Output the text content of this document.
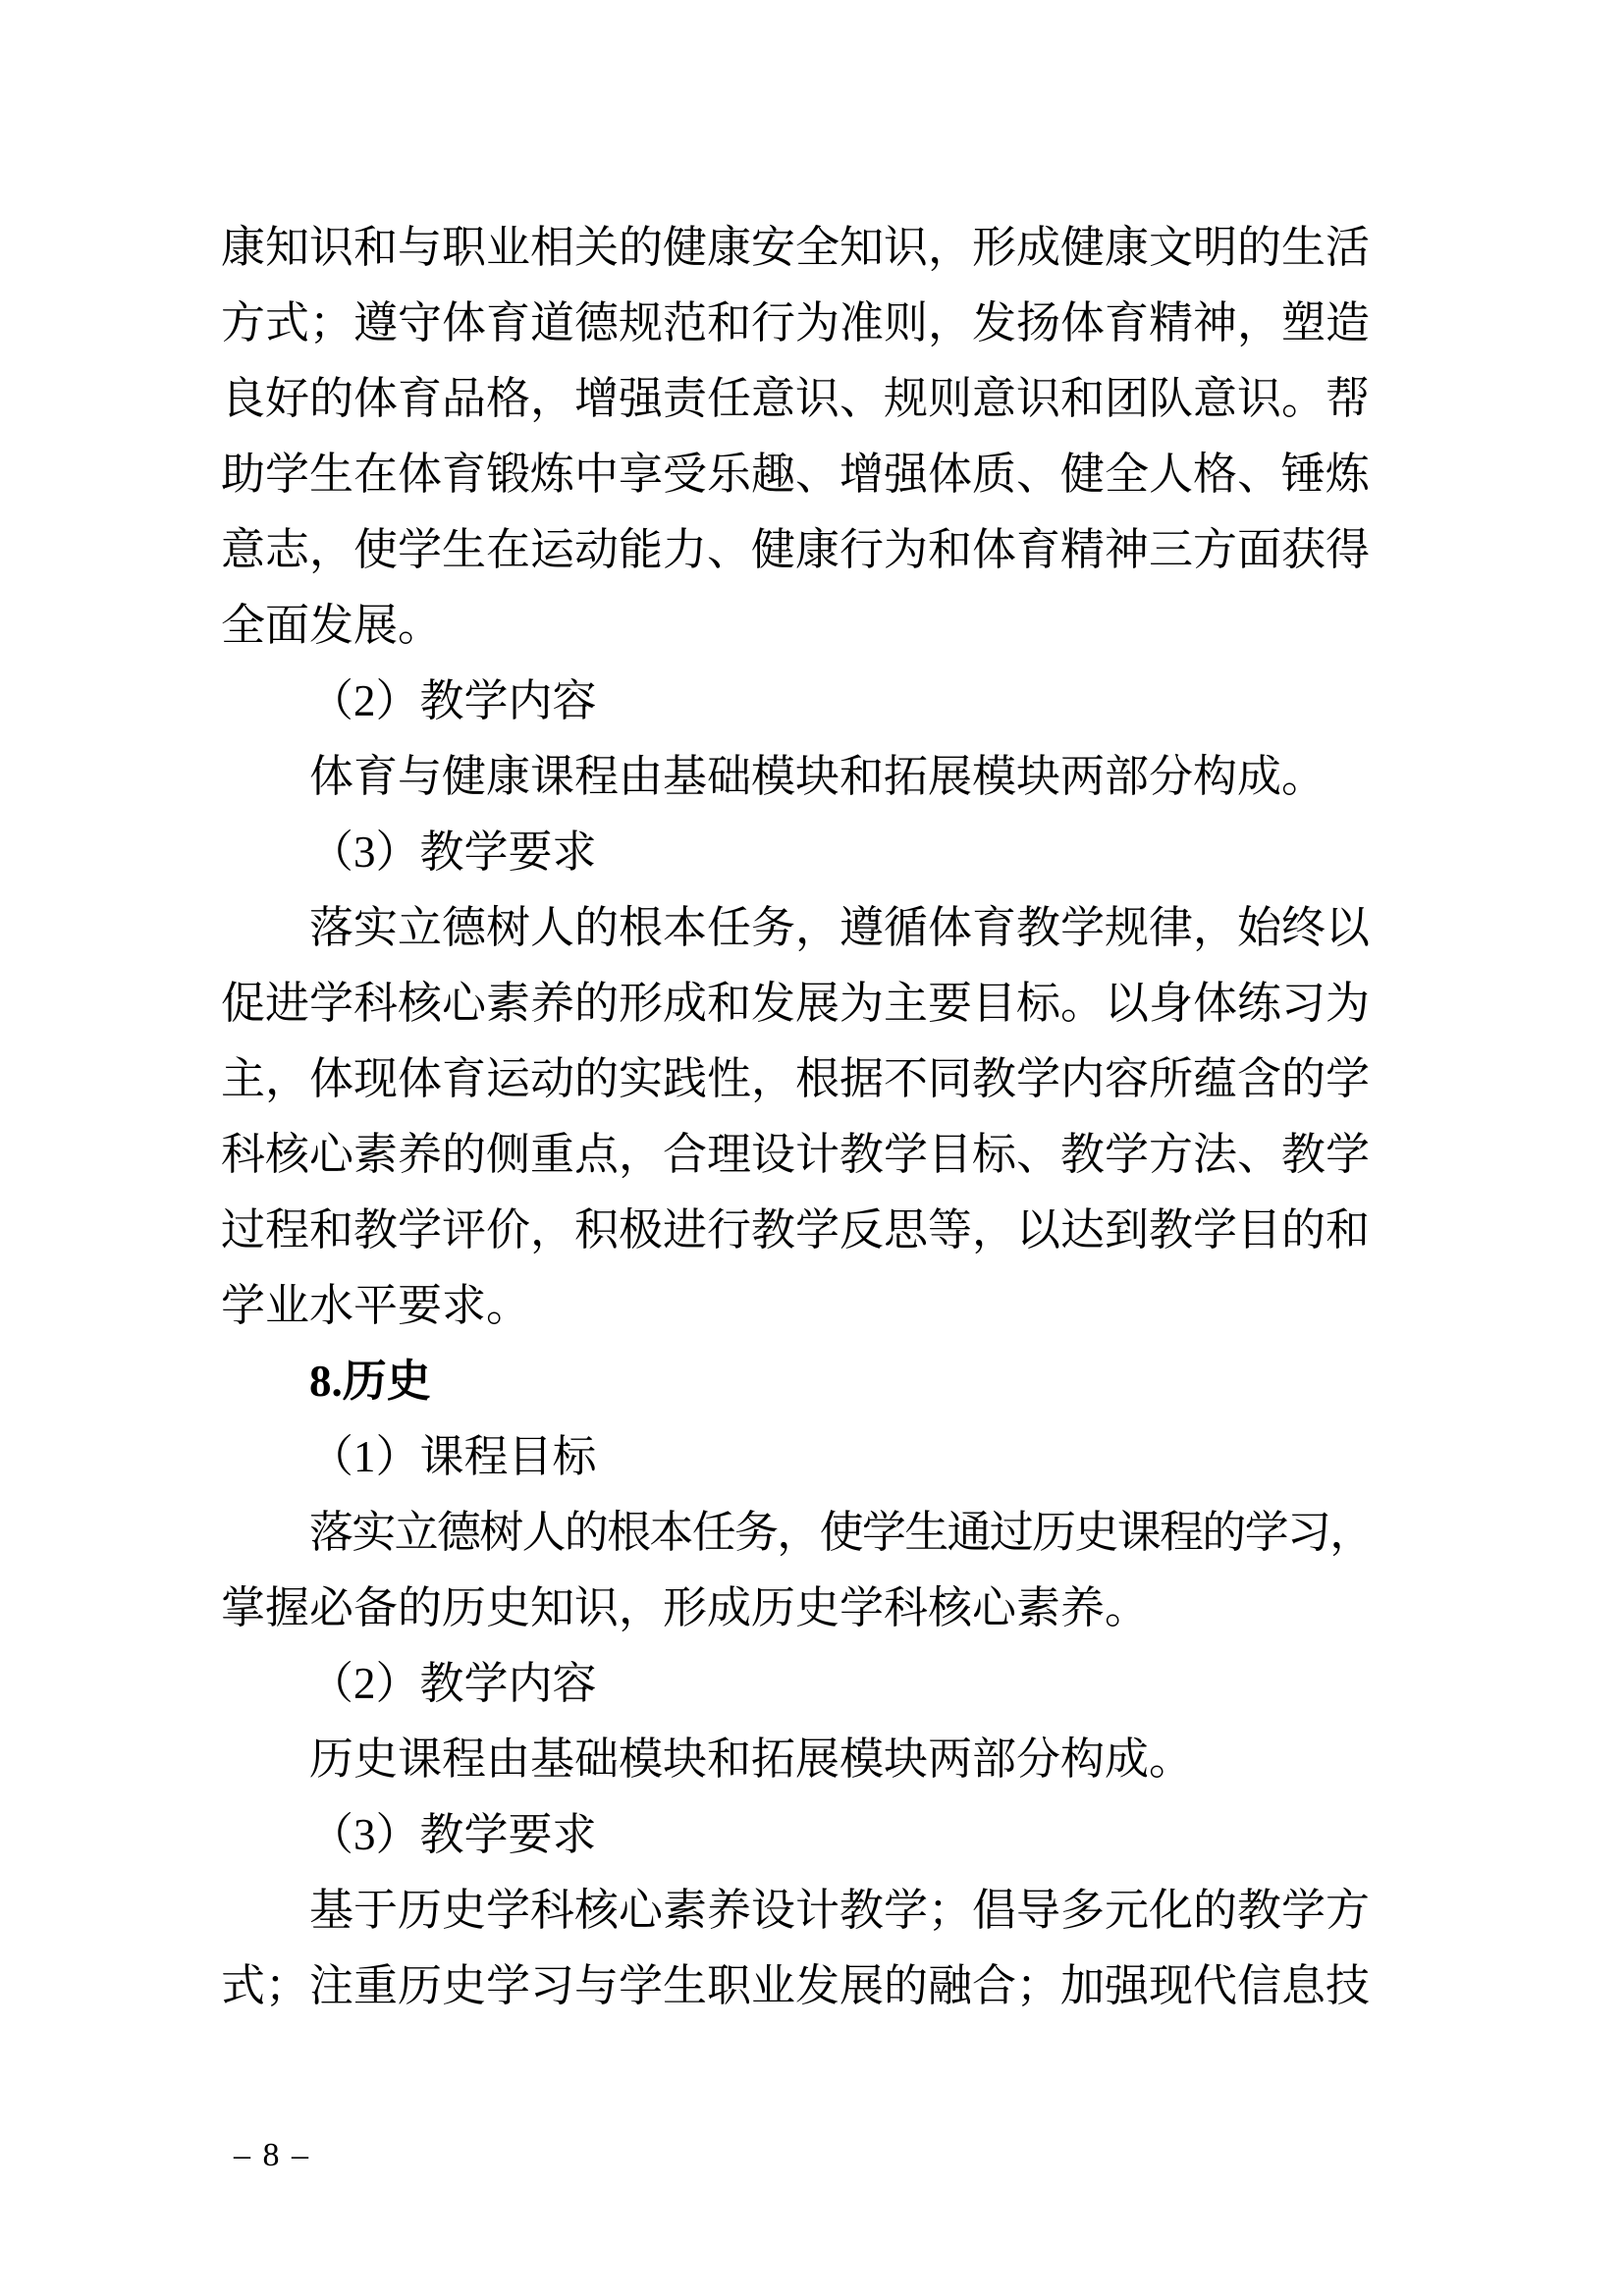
康知识和与职业相关的健康安全知识，形成健康文明的生活
方式；遵守体育道德规范和行为准则，发扬体育精神，塑造
良好的体育品格，增强责任意识、规则意识和团队意识。帮
助学生在体育锻炼中享受乐趣、增强体质、健全人格、锤炼
意志，使学生在运动能力、健康行为和体育精神三方面获得
全面发展。
（2）教学内容
体育与健康课程由基础模块和拓展模块两部分构成。
（3）教学要求
落实立德树人的根本任务，遵循体育教学规律，始终以
促进学科核心素养的形成和发展为主要目标。以身体练习为
主，体现体育运动的实践性，根据不同教学内容所蕴含的学
科核心素养的侧重点，合理设计教学目标、教学方法、教学
过程和教学评价，积极进行教学反思等，以达到教学目的和
学业水平要求。
8.历史
（1）课程目标
落实立德树人的根本任务，使学生通过历史课程的学习，
掌握必备的历史知识，形成历史学科核心素养。
（2）教学内容
历史课程由基础模块和拓展模块两部分构成。
（3）教学要求
基于历史学科核心素养设计教学；倡导多元化的教学方
式；注重历史学习与学生职业发展的融合；加强现代信息技
– 8 –
